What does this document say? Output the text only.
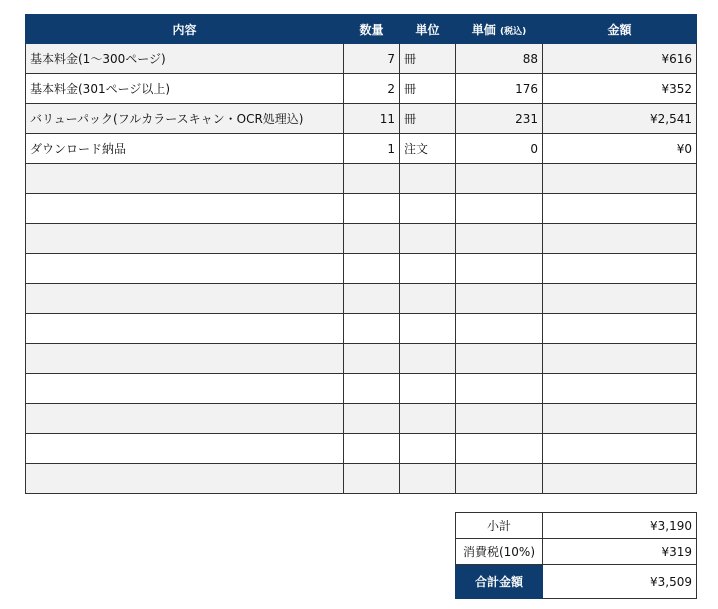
内容	数量	単位	単価 (税込)	金額
基本料金(1〜300ページ)	7	冊	88	¥616
基本料金(301ページ以上)	2	冊	176	¥352
バリューパック(フルカラースキャン・OCR処理込)	11	冊	231	¥2,541
ダウンロード納品	1	注文	0	¥0

小計	¥3,190
消費税(10%)	¥319
合計金額	¥3,509
